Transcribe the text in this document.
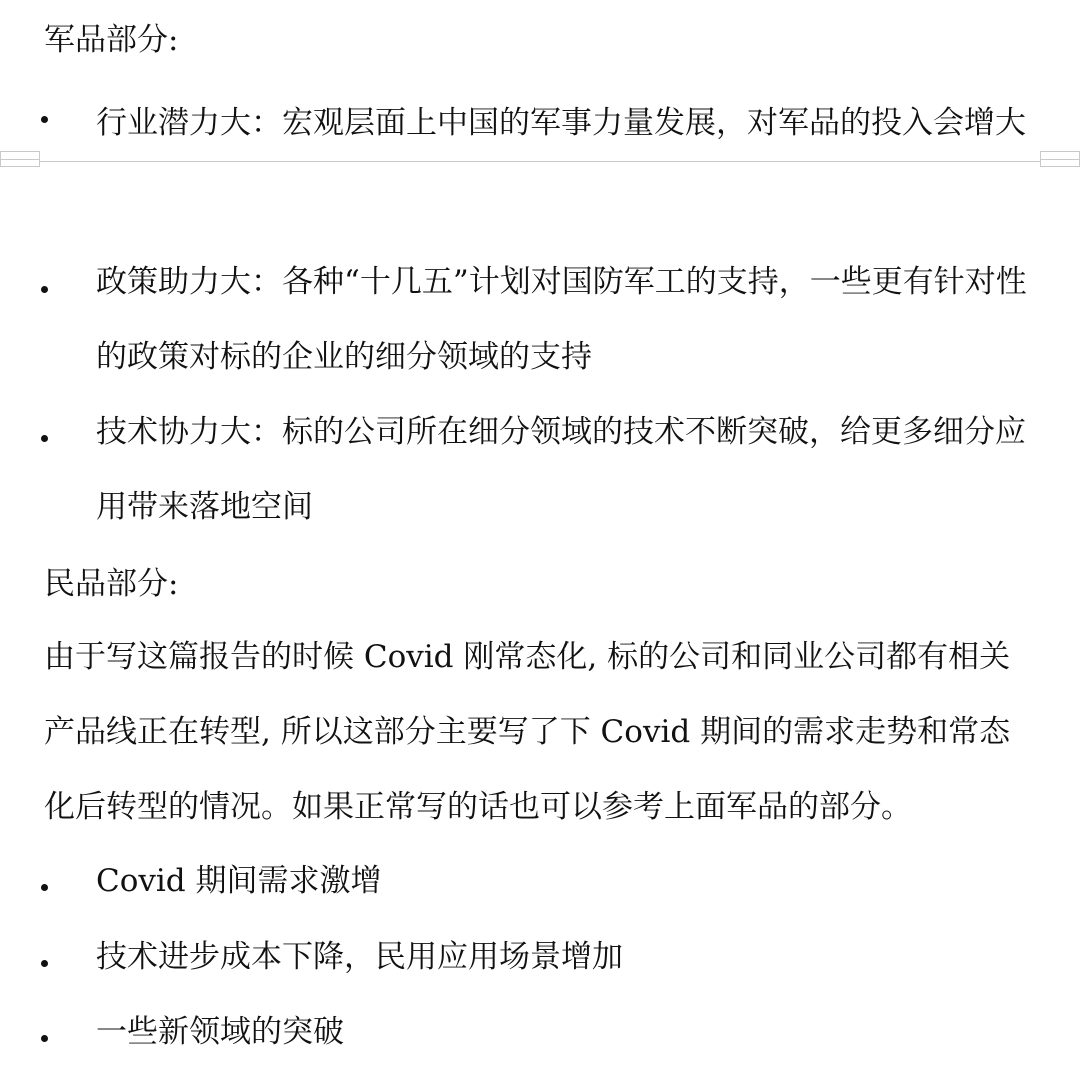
军品部分:
行业潜力大：宏观层面上中国的军事力量发展，对军品的投入会增大
政策助力大：各种“十几五”计划对国防军工的支持，一些更有针对性的政策对标的企业的细分领域的支持
技术协力大：标的公司所在细分领域的技术不断突破，给更多细分应用带来落地空间
民品部分:
由于写这篇报告的时候 Covid 刚常态化, 标的公司和同业公司都有相关产品线正在转型, 所以这部分主要写了下 Covid 期间的需求走势和常态化后转型的情况。如果正常写的话也可以参考上面军品的部分。
Covid 期间需求激增
技术进步成本下降，民用应用场景增加
一些新领域的突破
